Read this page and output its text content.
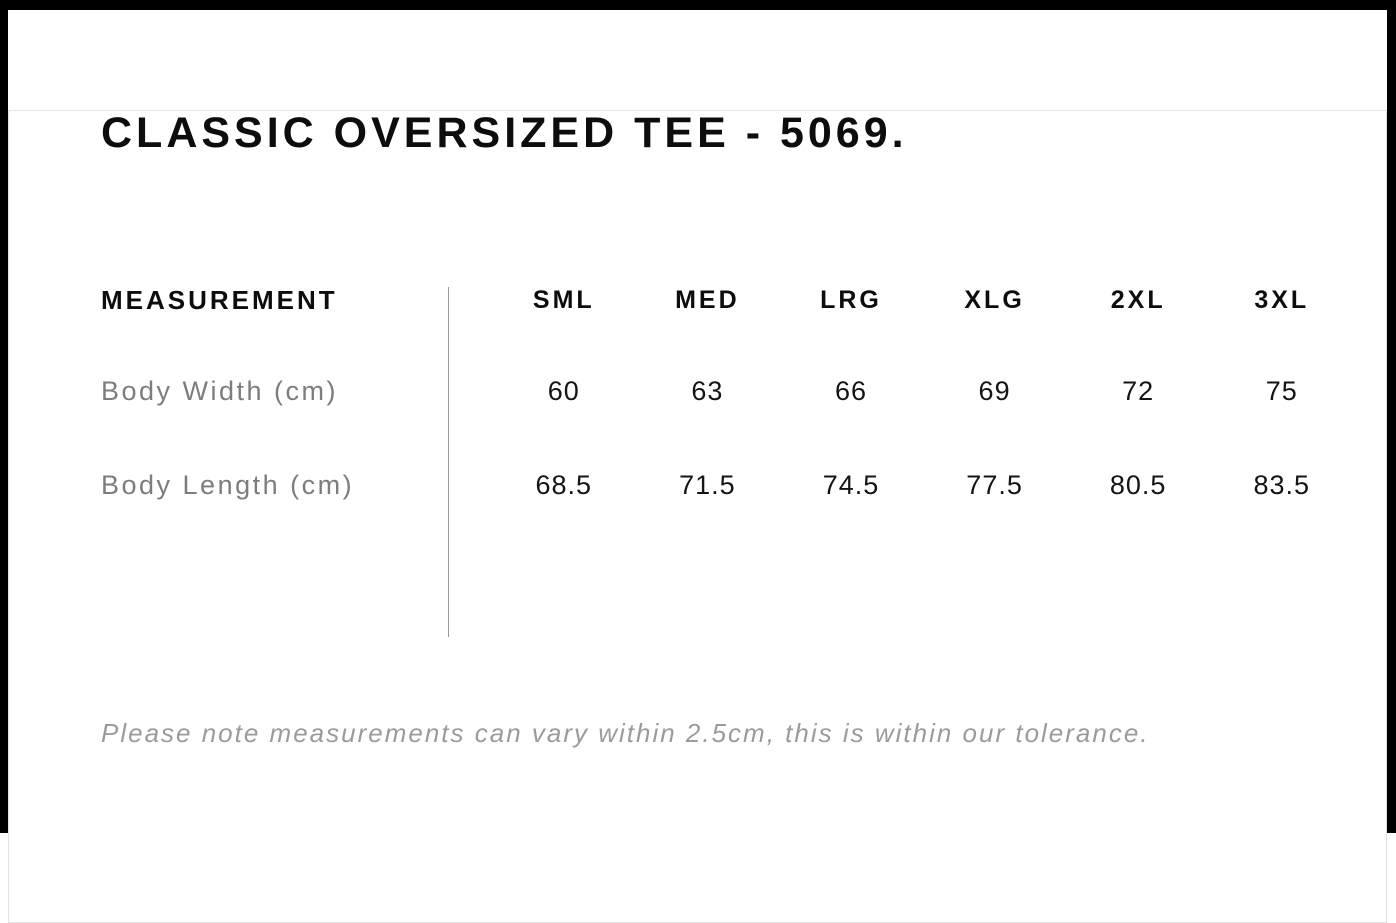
CLASSIC OVERSIZED TEE - 5069.
MEASUREMENT	SML	MED	LRG	XLG	2XL	3XL
Body Width (cm)	60	63	66	69	72	75
Body Length (cm)	68.5	71.5	74.5	77.5	80.5	83.5

Please note measurements can vary within 2.5cm, this is within our tolerance.
